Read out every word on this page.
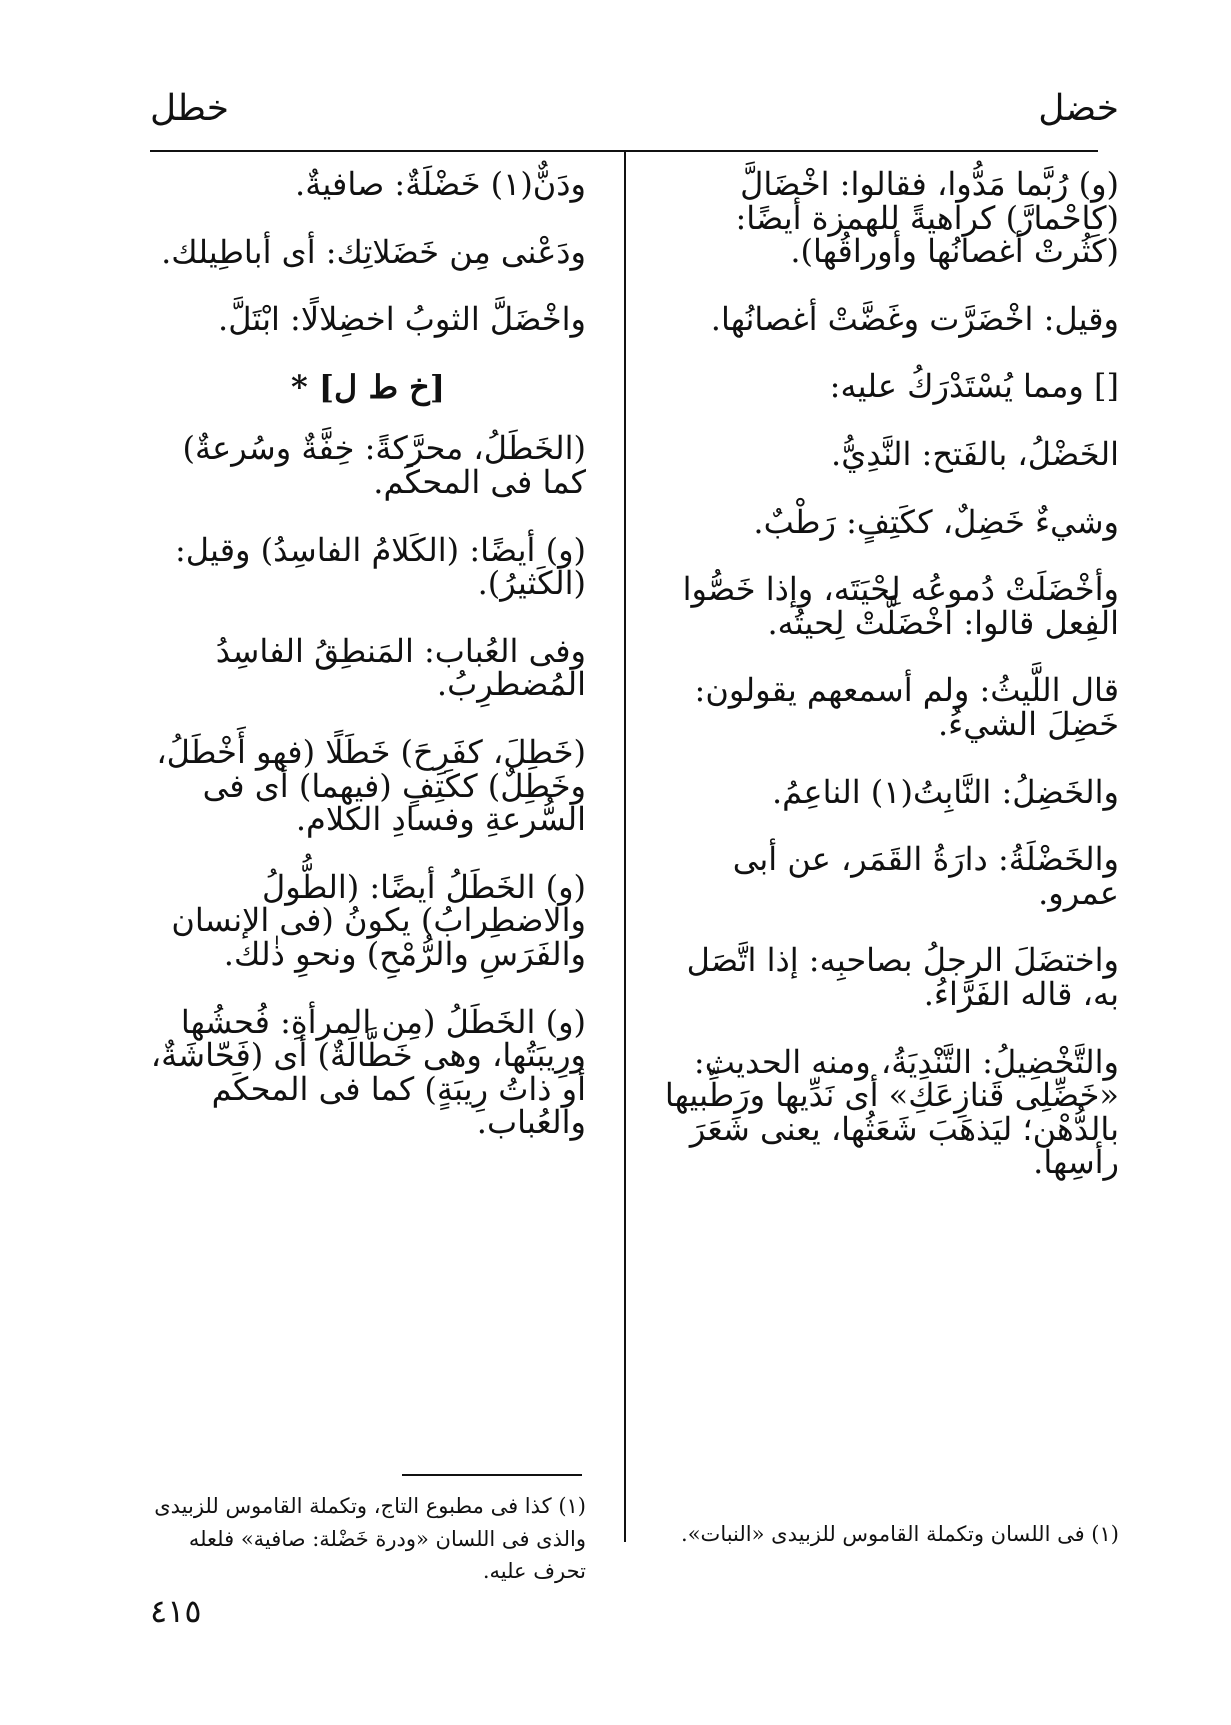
خضل
خطل

(و) رُبَّما مَدُّوا، فقالوا: اخْضَالَّ (كاحْمارَّ) كراهيةً للهمزة أيضًا: (كَثُرتْ أغصانُها وأوراقُها).

وقيل: اخْضَرَّت وغَضَّتْ أغصانُها.

[] ومما يُسْتَدْرَكُ عليه:

الخَضْلُ، بالفَتح: النَّدِيُّ.

وشيءٌ خَضِلٌ، ككَتِفٍ: رَطْبٌ.

وأخْضَلَتْ دُموعُه لِحْيَتَه، وإذا خَصُّوا الفِعل قالوا: اخْضَلَّتْ لِحيتُه.

قال اللَّيثُ: ولم أسمعهم يقولون: خَضِلَ الشيءُ.

والخَضِلُ: النَّابِتُ(١) الناعِمُ.

والخَضْلَةُ: دارَةُ القَمَر، عن أبى عمرو.

واختضَلَ الرجلُ بصاحبِه: إذا اتَّصَل به، قاله الفَرَّاءُ.

والتَّخْضِيلُ: التَّنْدِيَةُ، ومنه الحديث: «خَضِّلِى قَنازِعَكِ» أى نَدِّيها ورَطِّبيها بالدُّهْن؛ ليَذهَبَ شَعَثُها، يعنى شَعَرَ رأسِها.

(١) فى اللسان وتكملة القاموس للزبيدى «النبات».

ودَنٌّ(١) خَضْلَةٌ: صافيةٌ.

ودَعْنى مِن خَضَلاتِك: أى أباطِيلك.

واخْضَلَّ الثوبُ اخضِلالًا: ابْتَلَّ.

[خ ط ل] *

(الخَطَلُ، محرَّكةً: خِفَّةٌ وسُرعةٌ) كما فى المحكَم.

(و) أيضًا: (الكَلامُ الفاسِدُ) وقيل: (الكَثيرُ).

وفى العُباب: المَنطِقُ الفاسِدُ المُضطرِبُ.

(خَطِلَ، كفَرِحَ) خَطَلًا (فهو أَخْطَلُ، وخَطِلٌ) ككَتِفٍ (فيهما) أى فى السُّرعةِ وفسادِ الكلام.

(و) الخَطَلُ أيضًا: (الطُّولُ والاضطِرابُ) يكونُ (فى الإنسان والفَرَسِ والرُّمْحِ) ونحوِ ذٰلك.

(و) الخَطَلُ (مِن المرأةِ: فُحشُها ورِيبَتُها، وهى خَطَّالَةٌ) أى (فَحّاشَةٌ، أو ذاتُ رِيبَةٍ) كما فى المحكَم والعُباب.

(١) كذا فى مطبوع التاج، وتكملة القاموس للزبيدى والذى فى اللسان «ودرة خَضْلة: صافية» فلعله تحرف عليه.
٤١٥
